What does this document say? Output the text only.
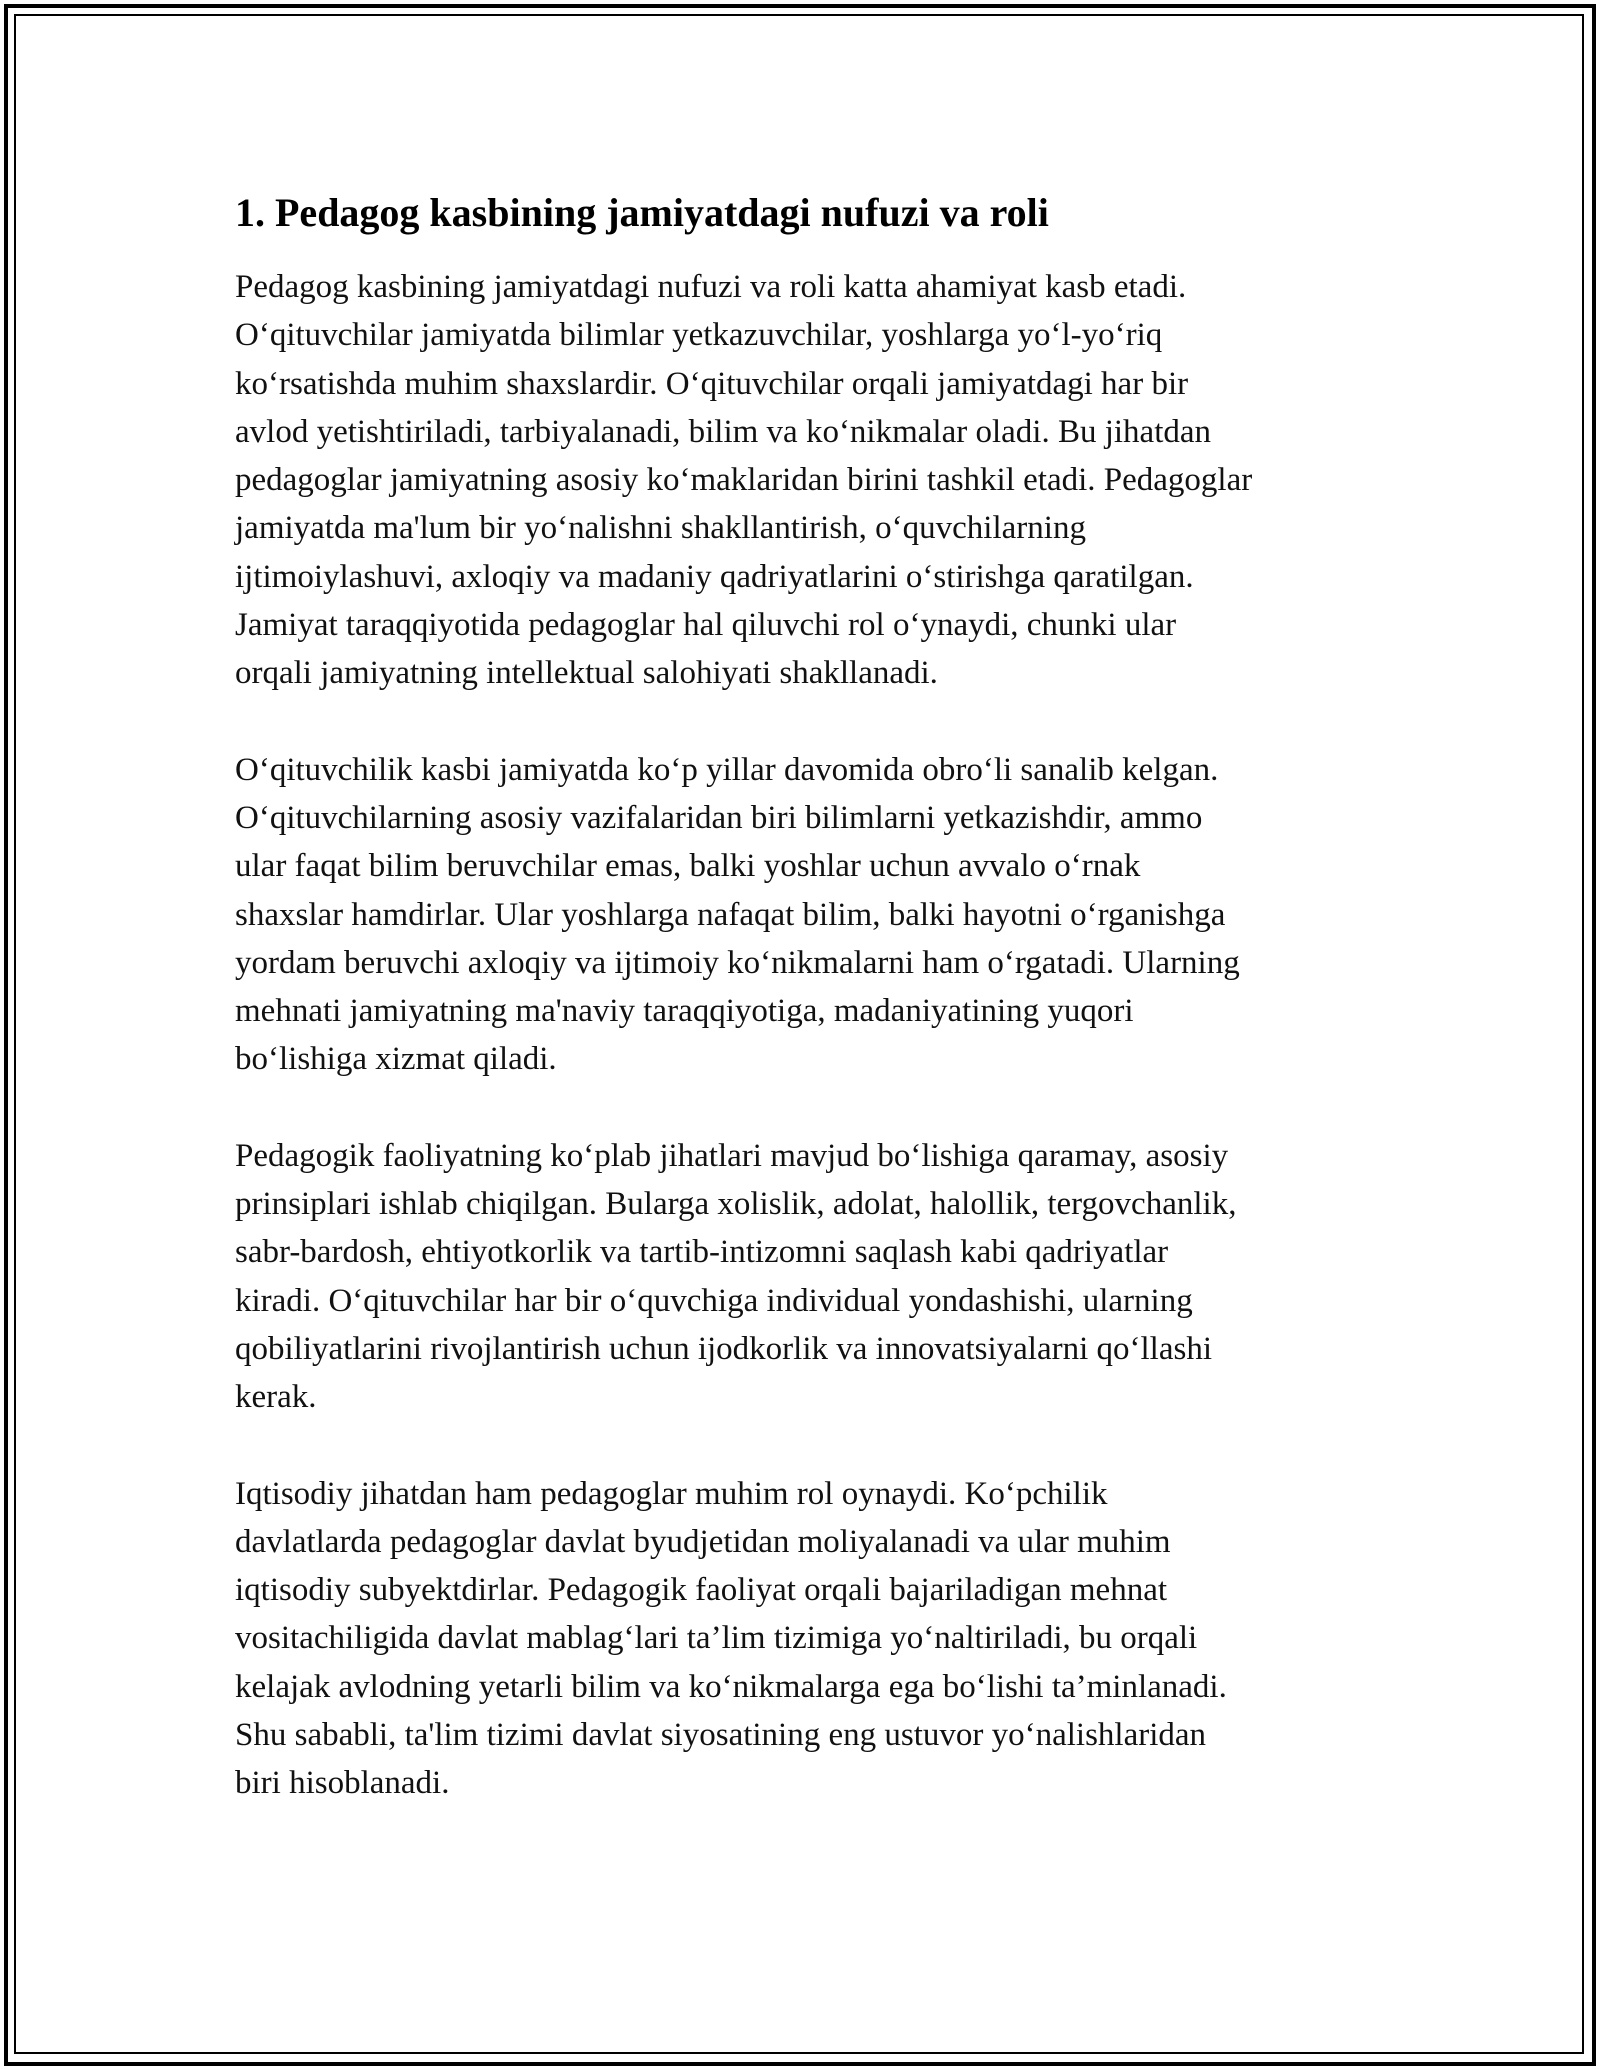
1. Pedagog kasbining jamiyatdagi nufuzi va roli
Pedagog kasbining jamiyatdagi nufuzi va roli katta ahamiyat kasb etadi.
O‘qituvchilar jamiyatda bilimlar yetkazuvchilar, yoshlarga yo‘l-yo‘riq
ko‘rsatishda muhim shaxslardir. O‘qituvchilar orqali jamiyatdagi har bir
avlod yetishtiriladi, tarbiyalanadi, bilim va ko‘nikmalar oladi. Bu jihatdan
pedagoglar jamiyatning asosiy ko‘maklaridan birini tashkil etadi. Pedagoglar
jamiyatda ma'lum bir yo‘nalishni shakllantirish, o‘quvchilarning
ijtimoiylashuvi, axloqiy va madaniy qadriyatlarini o‘stirishga qaratilgan.
Jamiyat taraqqiyotida pedagoglar hal qiluvchi rol o‘ynaydi, chunki ular
orqali jamiyatning intellektual salohiyati shakllanadi.
O‘qituvchilik kasbi jamiyatda ko‘p yillar davomida obro‘li sanalib kelgan.
O‘qituvchilarning asosiy vazifalaridan biri bilimlarni yetkazishdir, ammo
ular faqat bilim beruvchilar emas, balki yoshlar uchun avvalo o‘rnak
shaxslar hamdirlar. Ular yoshlarga nafaqat bilim, balki hayotni o‘rganishga
yordam beruvchi axloqiy va ijtimoiy ko‘nikmalarni ham o‘rgatadi. Ularning
mehnati jamiyatning ma'naviy taraqqiyotiga, madaniyatining yuqori
bo‘lishiga xizmat qiladi.
Pedagogik faoliyatning ko‘plab jihatlari mavjud bo‘lishiga qaramay, asosiy
prinsiplari ishlab chiqilgan. Bularga xolislik, adolat, halollik, tergovchanlik,
sabr-bardosh, ehtiyotkorlik va tartib-intizomni saqlash kabi qadriyatlar
kiradi. O‘qituvchilar har bir o‘quvchiga individual yondashishi, ularning
qobiliyatlarini rivojlantirish uchun ijodkorlik va innovatsiyalarni qo‘llashi
kerak.
Iqtisodiy jihatdan ham pedagoglar muhim rol oynaydi. Ko‘pchilik
davlatlarda pedagoglar davlat byudjetidan moliyalanadi va ular muhim
iqtisodiy subyektdirlar. Pedagogik faoliyat orqali bajariladigan mehnat
vositachiligida davlat mablag‘lari ta’lim tizimiga yo‘naltiriladi, bu orqali
kelajak avlodning yetarli bilim va ko‘nikmalarga ega bo‘lishi ta’minlanadi.
Shu sababli, ta'lim tizimi davlat siyosatining eng ustuvor yo‘nalishlaridan
biri hisoblanadi.
